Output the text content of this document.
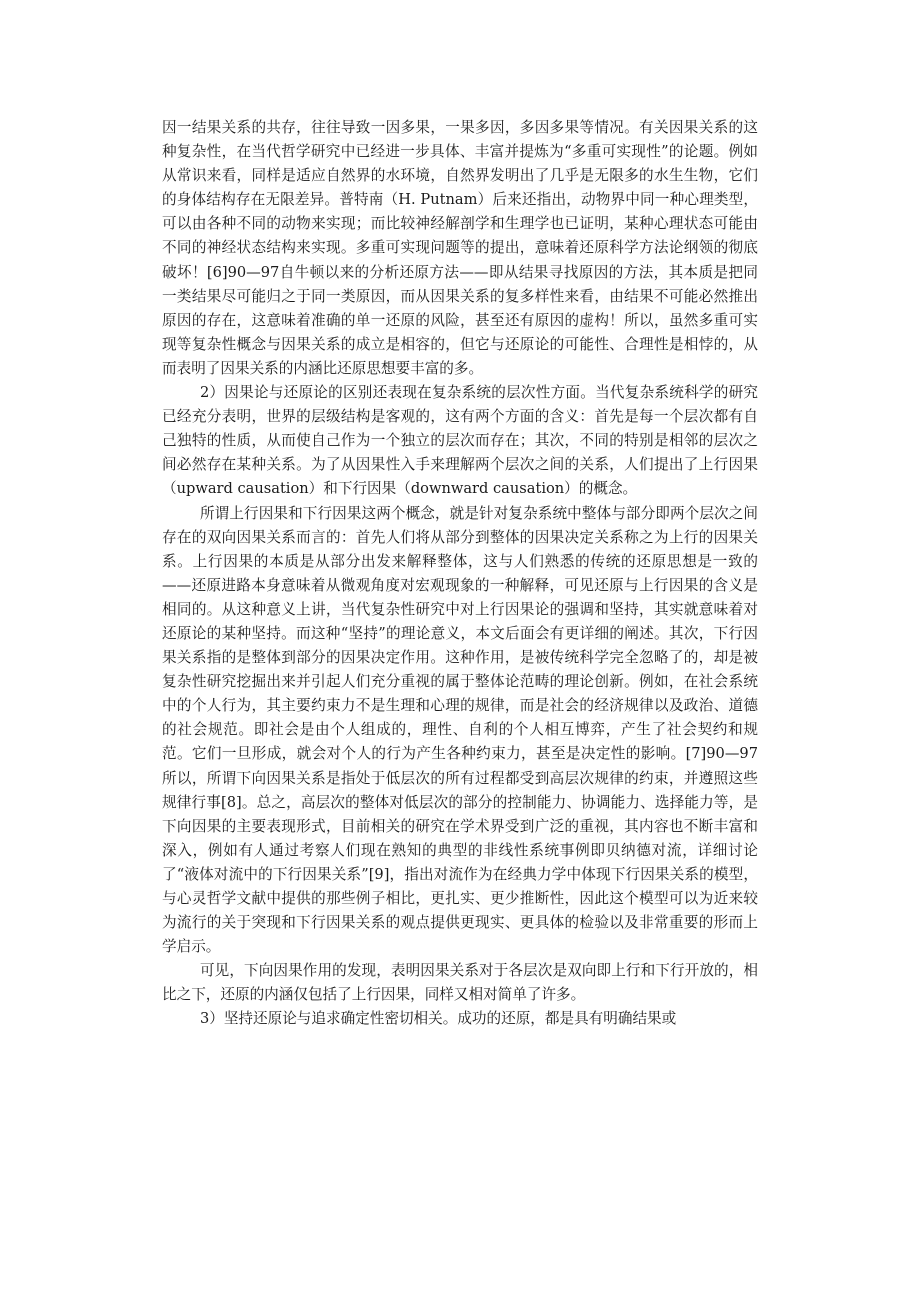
因一结果关系的共存，往往导致一因多果，一果多因，多因多果等情况。有关因果关系的这种复杂性，在当代哲学研究中已经进一步具体、丰富并提炼为“多重可实现性”的论题。例如从常识来看，同样是适应自然界的水环境，自然界发明出了几乎是无限多的水生生物，它们的身体结构存在无限差异。普特南（H. Putnam）后来还指出，动物界中同一种心理类型，可以由各种不同的动物来实现；而比较神经解剖学和生理学也已证明，某种心理状态可能由不同的神经状态结构来实现。多重可实现问题等的提出，意味着还原科学方法论纲领的彻底破坏！[6]90—97自牛顿以来的分析还原方法——即从结果寻找原因的方法，其本质是把同一类结果尽可能归之于同一类原因，而从因果关系的复多样性来看，由结果不可能必然推出原因的存在，这意味着准确的单一还原的风险，甚至还有原因的虚构！所以，虽然多重可实现等复杂性概念与因果关系的成立是相容的，但它与还原论的可能性、合理性是相悖的，从而表明了因果关系的内涵比还原思想要丰富的多。

2）因果论与还原论的区别还表现在复杂系统的层次性方面。当代复杂系统科学的研究已经充分表明，世界的层级结构是客观的，这有两个方面的含义：首先是每一个层次都有自己独特的性质，从而使自己作为一个独立的层次而存在；其次，不同的特别是相邻的层次之间必然存在某种关系。为了从因果性入手来理解两个层次之间的关系，人们提出了上行因果（upward causation）和下行因果（downward causation）的概念。

所谓上行因果和下行因果这两个概念，就是针对复杂系统中整体与部分即两个层次之间存在的双向因果关系而言的：首先人们将从部分到整体的因果决定关系称之为上行的因果关系。上行因果的本质是从部分出发来解释整体，这与人们熟悉的传统的还原思想是一致的——还原进路本身意味着从微观角度对宏观现象的一种解释，可见还原与上行因果的含义是相同的。从这种意义上讲，当代复杂性研究中对上行因果论的强调和坚持，其实就意味着对还原论的某种坚持。而这种“坚持”的理论意义，本文后面会有更详细的阐述。其次，下行因果关系指的是整体到部分的因果决定作用。这种作用，是被传统科学完全忽略了的，却是被复杂性研究挖掘出来并引起人们充分重视的属于整体论范畴的理论创新。例如，在社会系统中的个人行为，其主要约束力不是生理和心理的规律，而是社会的经济规律以及政治、道德的社会规范。即社会是由个人组成的，理性、自利的个人相互博弈，产生了社会契约和规范。它们一旦形成，就会对个人的行为产生各种约束力，甚至是决定性的影响。[7]90—97所以，所谓下向因果关系是指处于低层次的所有过程都受到高层次规律的约束，并遵照这些规律行事[8]。总之，高层次的整体对低层次的部分的控制能力、协调能力、选择能力等，是下向因果的主要表现形式，目前相关的研究在学术界受到广泛的重视，其内容也不断丰富和深入，例如有人通过考察人们现在熟知的典型的非线性系统事例即贝纳德对流，详细讨论了“液体对流中的下行因果关系”[9]，指出对流作为在经典力学中体现下行因果关系的模型，与心灵哲学文献中提供的那些例子相比，更扎实、更少推断性，因此这个模型可以为近来较为流行的关于突现和下行因果关系的观点提供更现实、更具体的检验以及非常重要的形而上学启示。

可见，下向因果作用的发现，表明因果关系对于各层次是双向即上行和下行开放的，相比之下，还原的内涵仅包括了上行因果，同样又相对简单了许多。

3）坚持还原论与追求确定性密切相关。成功的还原，都是具有明确结果或
